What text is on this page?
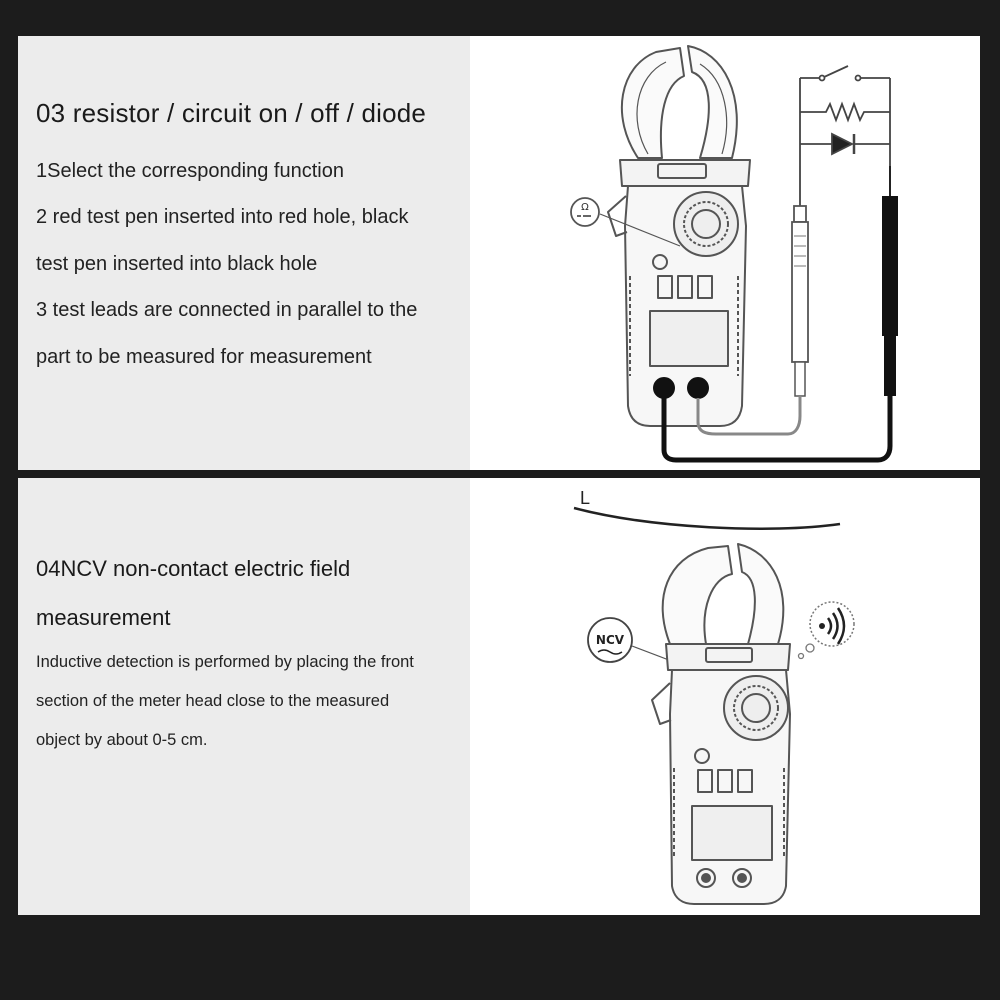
03 resistor / circuit on / off / diode

1Select the corresponding function

2 red test pen inserted into red hole, black

test pen inserted into black hole

3 test leads are connected in parallel to the

part to be measured for measurement

Ω
04NCV non-contact electric field
measurement

Inductive detection is performed by placing the front

section of the meter head close to the measured

object by about 0-5 cm.

L
NCV
